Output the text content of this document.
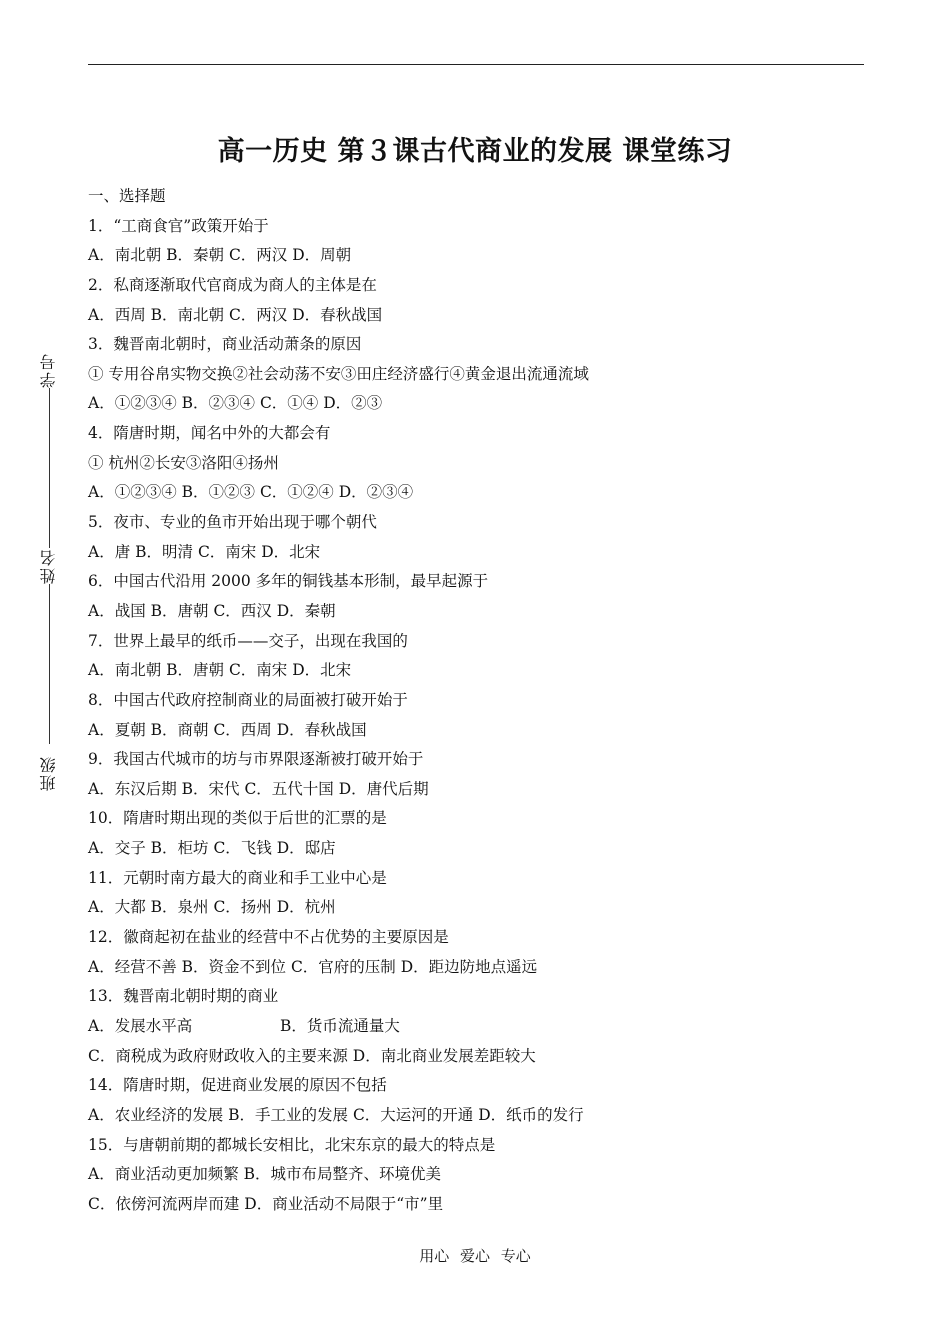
高一历史 第３课古代商业的发展 课堂练习
一、选择题
1．“工商食官”政策开始于
A．南北朝 B．秦朝 C．两汉 D．周朝
2．私商逐渐取代官商成为商人的主体是在
A．西周 B．南北朝 C．两汉 D．春秋战国
3．魏晋南北朝时，商业活动萧条的原因
① 专用谷帛实物交换②社会动荡不安③田庄经济盛行④黄金退出流通流域
A．①②③④ B．②③④ C．①④ D．②③
4．隋唐时期，闻名中外的大都会有
① 杭州②长安③洛阳④扬州
A．①②③④ B．①②③ C．①②④ D．②③④
5．夜市、专业的鱼市开始出现于哪个朝代
A．唐 B．明清 C．南宋 D．北宋
6．中国古代沿用 2000 多年的铜钱基本形制，最早起源于
A．战国 B．唐朝 C．西汉 D．秦朝
7．世界上最早的纸币——交子，出现在我国的
A．南北朝 B．唐朝 C．南宋 D．北宋
8．中国古代政府控制商业的局面被打破开始于
A．夏朝 B．商朝 C．西周 D．春秋战国
9．我国古代城市的坊与市界限逐渐被打破开始于
A．东汉后期 B．宋代 C．五代十国 D．唐代后期
10．隋唐时期出现的类似于后世的汇票的是
A．交子 B．柜坊 C．飞钱 D．邸店
11．元朝时南方最大的商业和手工业中心是
A．大都 B．泉州 C．扬州 D．杭州
12．徽商起初在盐业的经营中不占优势的主要原因是
A．经营不善 B．资金不到位 C．官府的压制 D．距边防地点遥远
13．魏晋南北朝时期的商业
A．发展水平高	B．货币流通量大
C．商税成为政府财政收入的主要来源 D．南北商业发展差距较大
14．隋唐时期，促进商业发展的原因不包括
A．农业经济的发展 B．手工业的发展 C．大运河的开通 D．纸币的发行
15．与唐朝前期的都城长安相比，北宋东京的最大的特点是
A．商业活动更加频繁 B．城市布局整齐、环境优美
C．依傍河流两岸而建 D．商业活动不局限于“市”里
学号
姓名
班级
用心 爱心 专心
